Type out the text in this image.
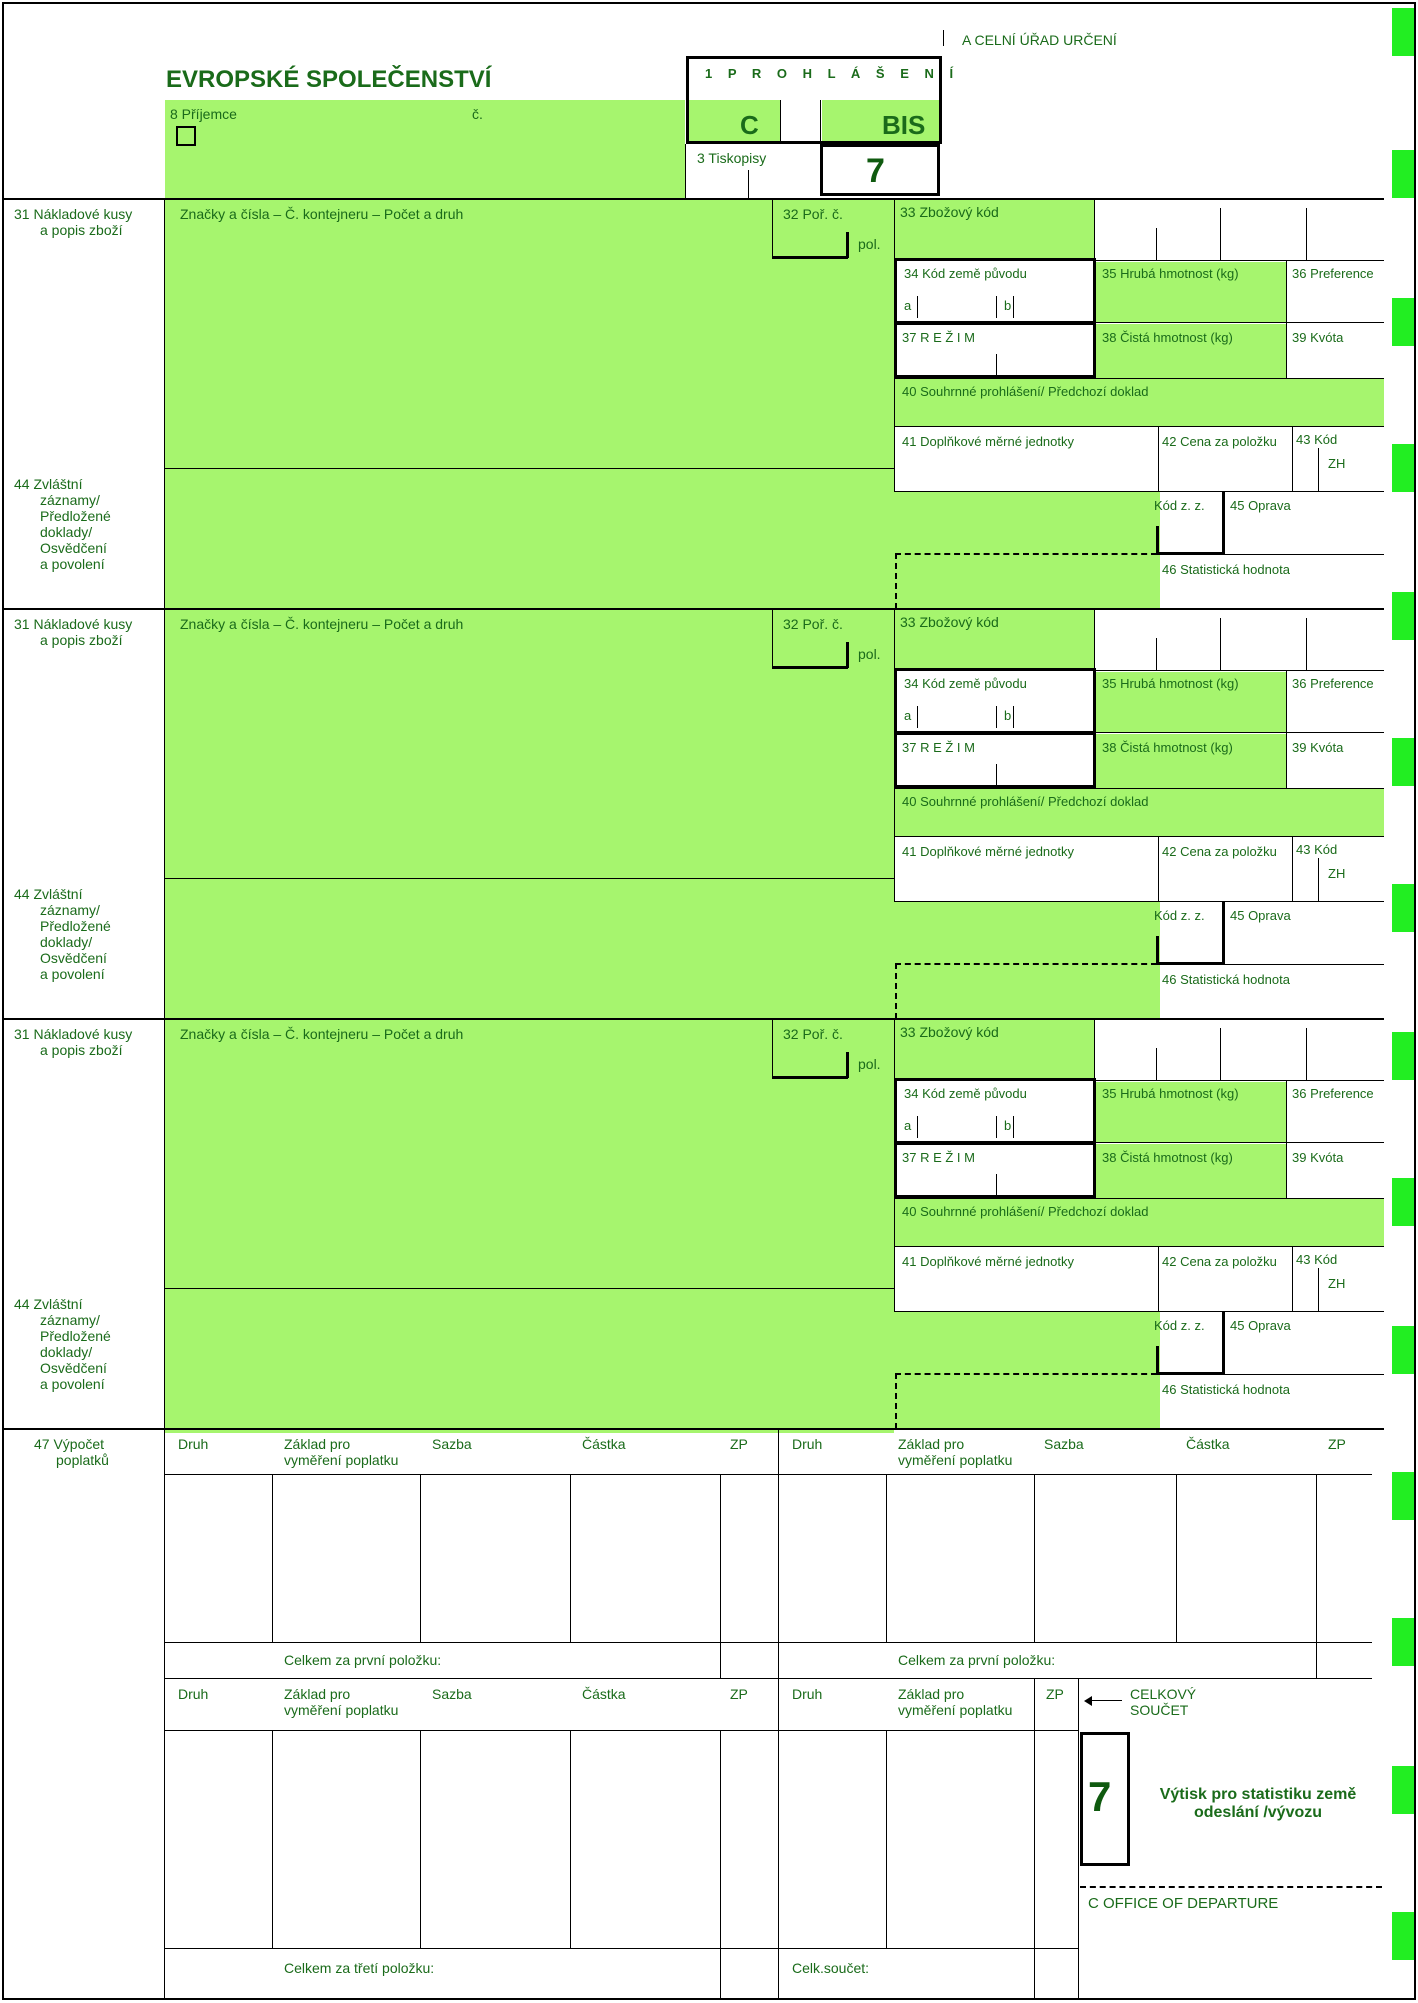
EVROPSKÉ SPOLEČENSTVÍ
A CELNÍ ÚŘAD URČENÍ
1 P R O H L Á Š E N Í
C	BIS
3 Tiskopisy	7
8 Příjemce	č.
31 Nákladové kusy
a popis zboží
Značky a čísla – Č. kontejneru – Počet a druh	32 Poř. č.
pol.
33 Zbožový kód
34 Kód země původu
a	b
35 Hrubá hmotnost (kg)	36 Preference
37 R E Ž I M	38 Čistá hmotnost (kg)	39 Kvóta
40 Souhrnné prohlášení/ Předchozí doklad
41 Doplňkové měrné jednotky	42 Cena za položku 43 Kód
ZH
44 Zvláštní
záznamy/
Předložené
doklady/
Osvědčení
a povolení
Kód z. z. 45 Oprava
46 Statistická hodnota
31 Nákladové kusy
a popis zboží
Značky a čísla – Č. kontejneru – Počet a druh	32 Poř. č.
pol.
33 Zbožový kód
34 Kód země původu
a	b
35 Hrubá hmotnost (kg)	36 Preference
37 R E Ž I M	38 Čistá hmotnost (kg)	39 Kvóta
40 Souhrnné prohlášení/ Předchozí doklad
41 Doplňkové měrné jednotky	42 Cena za položku 43 Kód
ZH
44 Zvláštní
záznamy/
Předložené
doklady/
Osvědčení
a povolení
Kód z. z. 45 Oprava
46 Statistická hodnota
31 Nákladové kusy
a popis zboží
Značky a čísla – Č. kontejneru – Počet a druh	32 Poř. č.
pol.
33 Zbožový kód
34 Kód země původu
a	b
35 Hrubá hmotnost (kg)	36 Preference
37 R E Ž I M	38 Čistá hmotnost (kg)	39 Kvóta
40 Souhrnné prohlášení/ Předchozí doklad
41 Doplňkové měrné jednotky	42 Cena za položku 43 Kód
ZH
44 Zvláštní
záznamy/
Předložené
doklady/
Osvědčení
a povolení
Kód z. z. 45 Oprava
46 Statistická hodnota
47 Výpočet
poplatků
Druh	Základ pro
vyměření poplatku
Sazba	Částka	ZP
Celkem za první položku:
Druh	Základ pro
vyměření poplatku
Sazba	Částka	ZP
Celkem za první položku:
Druh	Základ pro
vyměření poplatku
Sazba	Částka	ZP
Celkem za třetí položku:
Druh	Základ pro
vyměření poplatku
ZP
Celk.součet:
CELKOVÝ
SOUČET
7	Výtisk pro statistiku země odeslání /vývozu
C OFFICE OF DEPARTURE
